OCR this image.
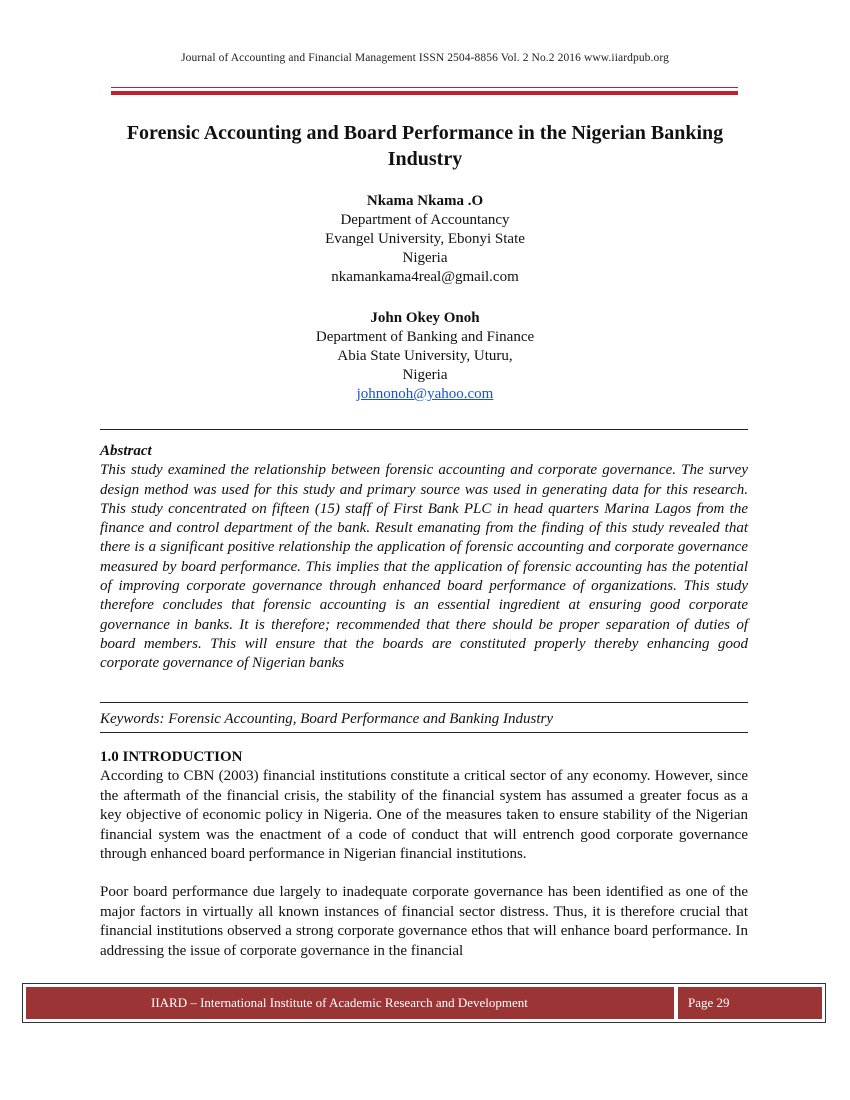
Journal of Accounting and Financial Management ISSN 2504-8856 Vol. 2 No.2 2016 www.iiardpub.org
Forensic Accounting and Board Performance in the Nigerian Banking Industry
Nkama Nkama .O
Department of Accountancy
Evangel University, Ebonyi State
Nigeria
nkamankama4real@gmail.com
John Okey Onoh
Department of Banking and Finance
Abia State University, Uturu,
Nigeria
johnonoh@yahoo.com
Abstract
This study examined the relationship between forensic accounting and corporate governance. The survey design method was used for this study and primary source was used in generating data for this research. This study concentrated on fifteen (15) staff of First Bank PLC in head quarters Marina Lagos from the finance and control department of the bank. Result emanating from the finding of this study revealed that there is a significant positive relationship the application of forensic accounting and corporate governance measured by board performance. This implies that the application of forensic accounting has the potential of improving corporate governance through enhanced board performance of organizations. This study therefore concludes that forensic accounting is an essential ingredient at ensuring good corporate governance in banks. It is therefore; recommended that there should be proper separation of duties of board members. This will ensure that the boards are constituted properly thereby enhancing good corporate governance of Nigerian banks
Keywords: Forensic Accounting, Board Performance and Banking Industry
1.0 INTRODUCTION

According to CBN (2003) financial institutions constitute a critical sector of any economy. However, since the aftermath of the financial crisis, the stability of the financial system has assumed a greater focus as a key objective of economic policy in Nigeria. One of the measures taken to ensure stability of the Nigerian financial system was the enactment of a code of conduct that will entrench good corporate governance through enhanced board performance in Nigerian financial institutions.

Poor board performance due largely to inadequate corporate governance has been identified as one of the major factors in virtually all known instances of financial sector distress. Thus, it is therefore crucial that financial institutions observed a strong corporate governance ethos that will enhance board performance. In addressing the issue of corporate governance in the financial

IIARD – International Institute of Academic Research and Development	Page 29
